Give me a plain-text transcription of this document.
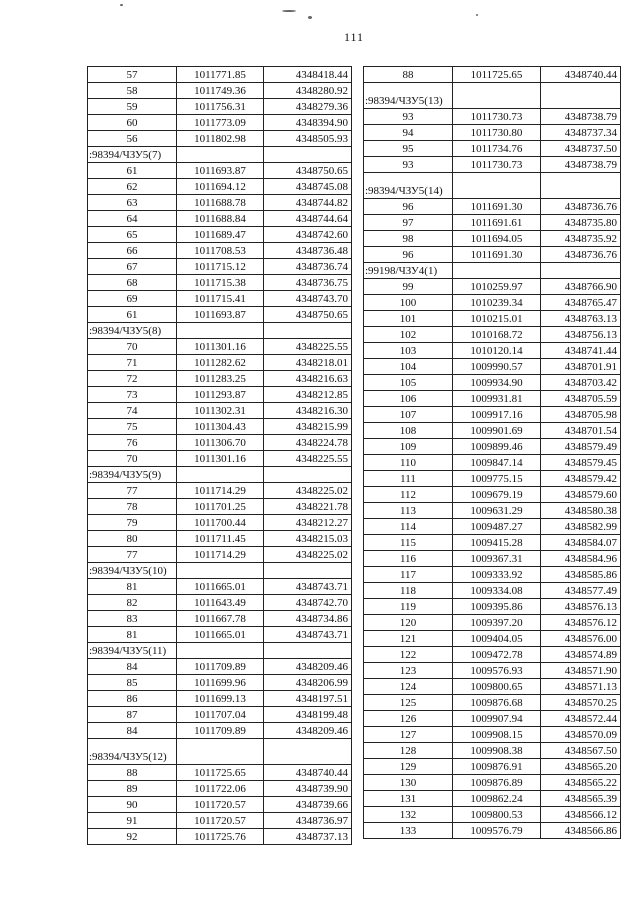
111
57	1011771.85	4348418.44
58	1011749.36	4348280.92
59	1011756.31	4348279.36
60	1011773.09	4348394.90
56	1011802.98	4348505.93
:98394/ЧЗУ5(7)		
61	1011693.87	4348750.65
62	1011694.12	4348745.08
63	1011688.78	4348744.82
64	1011688.84	4348744.64
65	1011689.47	4348742.60
66	1011708.53	4348736.48
67	1011715.12	4348736.74
68	1011715.38	4348736.75
69	1011715.41	4348743.70
61	1011693.87	4348750.65
:98394/ЧЗУ5(8)		
70	1011301.16	4348225.55
71	1011282.62	4348218.01
72	1011283.25	4348216.63
73	1011293.87	4348212.85
74	1011302.31	4348216.30
75	1011304.43	4348215.99
76	1011306.70	4348224.78
70	1011301.16	4348225.55
:98394/ЧЗУ5(9)		
77	1011714.29	4348225.02
78	1011701.25	4348221.78
79	1011700.44	4348212.27
80	1011711.45	4348215.03
77	1011714.29	4348225.02
:98394/ЧЗУ5(10)		
81	1011665.01	4348743.71
82	1011643.49	4348742.70
83	1011667.78	4348734.86
81	1011665.01	4348743.71
:98394/ЧЗУ5(11)		
84	1011709.89	4348209.46
85	1011699.96	4348206.99
86	1011699.13	4348197.51
87	1011707.04	4348199.48
84	1011709.89	4348209.46
:98394/ЧЗУ5(12)		
88	1011725.65	4348740.44
89	1011722.06	4348739.90
90	1011720.57	4348739.66
91	1011720.57	4348736.97
92	1011725.76	4348737.13
88	1011725.65	4348740.44
:98394/ЧЗУ5(13)		
93	1011730.73	4348738.79
94	1011730.80	4348737.34
95	1011734.76	4348737.50
93	1011730.73	4348738.79
:98394/ЧЗУ5(14)		
96	1011691.30	4348736.76
97	1011691.61	4348735.80
98	1011694.05	4348735.92
96	1011691.30	4348736.76
:99198/ЧЗУ4(1)		
99	1010259.97	4348766.90
100	1010239.34	4348765.47
101	1010215.01	4348763.13
102	1010168.72	4348756.13
103	1010120.14	4348741.44
104	1009990.57	4348701.91
105	1009934.90	4348703.42
106	1009931.81	4348705.59
107	1009917.16	4348705.98
108	1009901.69	4348701.54
109	1009899.46	4348579.49
110	1009847.14	4348579.45
111	1009775.15	4348579.42
112	1009679.19	4348579.60
113	1009631.29	4348580.38
114	1009487.27	4348582.99
115	1009415.28	4348584.07
116	1009367.31	4348584.96
117	1009333.92	4348585.86
118	1009334.08	4348577.49
119	1009395.86	4348576.13
120	1009397.20	4348576.12
121	1009404.05	4348576.00
122	1009472.78	4348574.89
123	1009576.93	4348571.90
124	1009800.65	4348571.13
125	1009876.68	4348570.25
126	1009907.94	4348572.44
127	1009908.15	4348570.09
128	1009908.38	4348567.50
129	1009876.91	4348565.20
130	1009876.89	4348565.22
131	1009862.24	4348565.39
132	1009800.53	4348566.12
133	1009576.79	4348566.86
